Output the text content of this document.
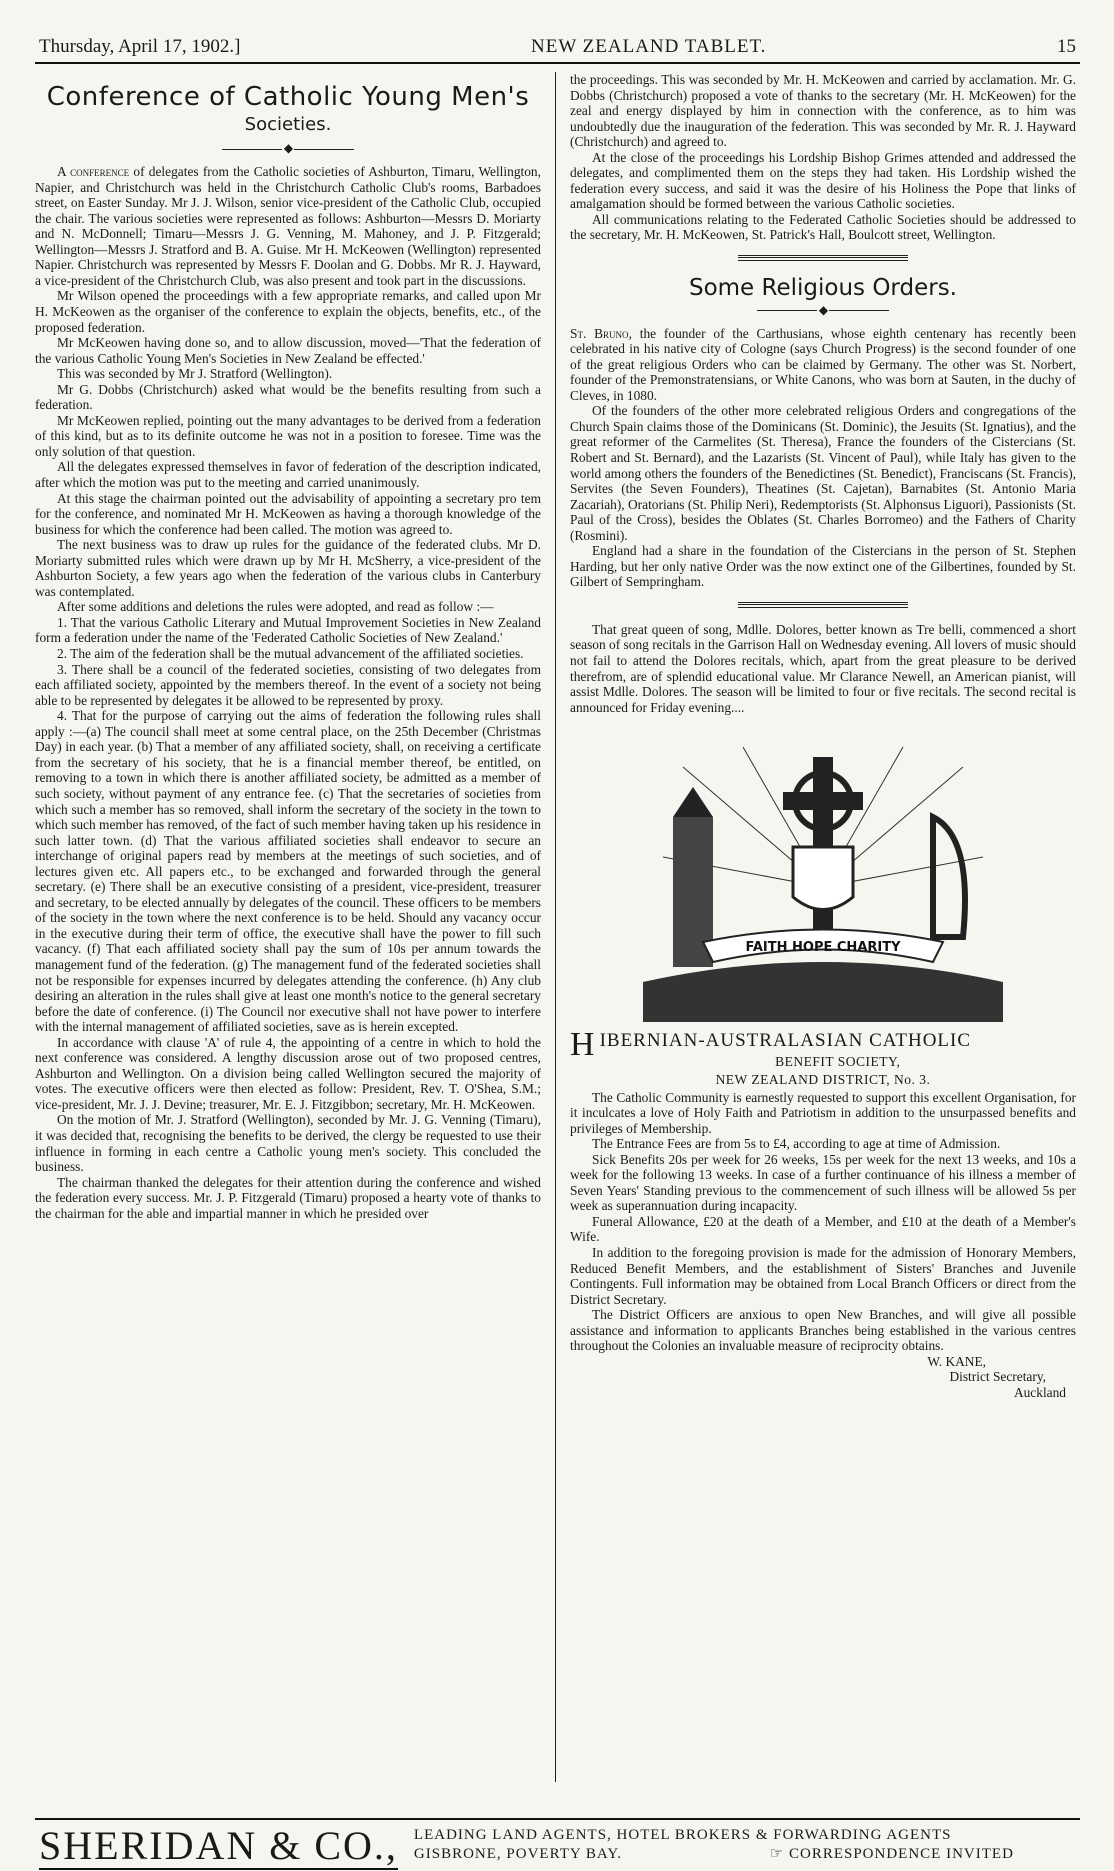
Thursday, April 17, 1902.]	NEW ZEALAND TABLET.	15
Conference of Catholic Young Men's
Societies.
◆

A conference of delegates from the Catholic societies of Ashburton, Timaru, Wellington, Napier, and Christchurch was held in the Christchurch Catholic Club's rooms, Barbadoes street, on Easter Sunday. Mr J. J. Wilson, senior vice-president of the Catholic Club, occupied the chair. The various societies were represented as follows: Ashburton—Messrs D. Moriarty and N. McDonnell; Timaru—Messrs J. G. Venning, M. Mahoney, and J. P. Fitzgerald; Wellington—Messrs J. Stratford and B. A. Guise. Mr H. McKeowen (Wellington) represented Napier. Christchurch was represented by Messrs F. Doolan and G. Dobbs. Mr R. J. Hayward, a vice-president of the Christchurch Club, was also present and took part in the discussions.

Mr Wilson opened the proceedings with a few appropriate remarks, and called upon Mr H. McKeowen as the organiser of the conference to explain the objects, benefits, etc., of the proposed federation.

Mr McKeowen having done so, and to allow discussion, moved—'That the federation of the various Catholic Young Men's Societies in New Zealand be effected.'

This was seconded by Mr J. Stratford (Wellington).

Mr G. Dobbs (Christchurch) asked what would be the benefits resulting from such a federation.

Mr McKeowen replied, pointing out the many advantages to be derived from a federation of this kind, but as to its definite outcome he was not in a position to foresee. Time was the only solution of that question.

All the delegates expressed themselves in favor of federation of the description indicated, after which the motion was put to the meeting and carried unanimously.

At this stage the chairman pointed out the advisability of appointing a secretary pro tem for the conference, and nominated Mr H. McKeowen as having a thorough knowledge of the business for which the conference had been called. The motion was agreed to.

The next business was to draw up rules for the guidance of the federated clubs. Mr D. Moriarty submitted rules which were drawn up by Mr H. McSherry, a vice-president of the Ashburton Society, a few years ago when the federation of the various clubs in Canterbury was contemplated.

After some additions and deletions the rules were adopted, and read as follow :—

1. That the various Catholic Literary and Mutual Improvement Societies in New Zealand form a federation under the name of the 'Federated Catholic Societies of New Zealand.'

2. The aim of the federation shall be the mutual advancement of the affiliated societies.

3. There shall be a council of the federated societies, consisting of two delegates from each affiliated society, appointed by the members thereof. In the event of a society not being able to be represented by delegates it be allowed to be represented by proxy.

4. That for the purpose of carrying out the aims of federation the following rules shall apply :—(a) The council shall meet at some central place, on the 25th December (Christmas Day) in each year. (b) That a member of any affiliated society, shall, on receiving a certificate from the secretary of his society, that he is a financial member thereof, be entitled, on removing to a town in which there is another affiliated society, be admitted as a member of such society, without payment of any entrance fee. (c) That the secretaries of societies from which such a member has so removed, shall inform the secretary of the society in the town to which such member has removed, of the fact of such member having taken up his residence in such latter town. (d) That the various affiliated societies shall endeavor to secure an interchange of original papers read by members at the meetings of such societies, and of lectures given etc. All papers etc., to be exchanged and forwarded through the general secretary. (e) There shall be an executive consisting of a president, vice-president, treasurer and secretary, to be elected annually by delegates of the council. These officers to be members of the society in the town where the next conference is to be held. Should any vacancy occur in the executive during their term of office, the executive shall have the power to fill such vacancy. (f) That each affiliated society shall pay the sum of 10s per annum towards the management fund of the federation. (g) The management fund of the federated societies shall not be responsible for expenses incurred by delegates attending the conference. (h) Any club desiring an alteration in the rules shall give at least one month's notice to the general secretary before the date of conference. (i) The Council nor executive shall not have power to interfere with the internal management of affiliated societies, save as is herein excepted.

In accordance with clause 'A' of rule 4, the appointing of a centre in which to hold the next conference was considered. A lengthy discussion arose out of two proposed centres, Ashburton and Wellington. On a division being called Wellington secured the majority of votes. The executive officers were then elected as follow: President, Rev. T. O'Shea, S.M.; vice-president, Mr. J. J. Devine; treasurer, Mr. E. J. Fitzgibbon; secretary, Mr. H. McKeowen.

On the motion of Mr. J. Stratford (Wellington), seconded by Mr. J. G. Venning (Timaru), it was decided that, recognising the benefits to be derived, the clergy be requested to use their influence in forming in each centre a Catholic young men's society. This concluded the business.

The chairman thanked the delegates for their attention during the conference and wished the federation every success. Mr. J. P. Fitzgerald (Timaru) proposed a hearty vote of thanks to the chairman for the able and impartial manner in which he presided over

the proceedings. This was seconded by Mr. H. McKeowen and carried by acclamation. Mr. G. Dobbs (Christchurch) proposed a vote of thanks to the secretary (Mr. H. McKeowen) for the zeal and energy displayed by him in connection with the conference, as to him was undoubtedly due the inauguration of the federation. This was seconded by Mr. R. J. Hayward (Christchurch) and agreed to.

At the close of the proceedings his Lordship Bishop Grimes attended and addressed the delegates, and complimented them on the steps they had taken. His Lordship wished the federation every success, and said it was the desire of his Holiness the Pope that links of amalgamation should be formed between the various Catholic societies.

All communications relating to the Federated Catholic Societies should be addressed to the secretary, Mr. H. McKeowen, St. Patrick's Hall, Boulcott street, Wellington.

Some Religious Orders.
◆

St. Bruno, the founder of the Carthusians, whose eighth centenary has recently been celebrated in his native city of Cologne (says Church Progress) is the second founder of one of the great religious Orders who can be claimed by Germany. The other was St. Norbert, founder of the Premonstratensians, or White Canons, who was born at Sauten, in the duchy of Cleves, in 1080.

Of the founders of the other more celebrated religious Orders and congregations of the Church Spain claims those of the Dominicans (St. Dominic), the Jesuits (St. Ignatius), and the great reformer of the Carmelites (St. Theresa), France the founders of the Cistercians (St. Robert and St. Bernard), and the Lazarists (St. Vincent of Paul), while Italy has given to the world among others the founders of the Benedictines (St. Benedict), Franciscans (St. Francis), Servites (the Seven Founders), Theatines (St. Cajetan), Barnabites (St. Antonio Maria Zacariah), Oratorians (St. Philip Neri), Redemptorists (St. Alphonsus Liguori), Passionists (St. Paul of the Cross), besides the Oblates (St. Charles Borromeo) and the Fathers of Charity (Rosmini).

England had a share in the foundation of the Cistercians in the person of St. Stephen Harding, but her only native Order was the now extinct one of the Gilbertines, founded by St. Gilbert of Sempringham.

That great queen of song, Mdlle. Dolores, better known as Tre belli, commenced a short season of song recitals in the Garrison Hall on Wednesday evening. All lovers of music should not fail to attend the Dolores recitals, which, apart from the great pleasure to be derived therefrom, are of splendid educational value. Mr Clarance Newell, an American pianist, will assist Mdlle. Dolores. The season will be limited to four or five recitals. The second recital is announced for Friday evening....

FAITH HOPE CHARITY
HIBERNIAN-AUSTRALASIAN CATHOLIC
BENEFIT SOCIETY,
NEW ZEALAND DISTRICT, No. 3.

The Catholic Community is earnestly requested to support this excellent Organisation, for it inculcates a love of Holy Faith and Patriotism in addition to the unsurpassed benefits and privileges of Membership.

The Entrance Fees are from 5s to £4, according to age at time of Admission.

Sick Benefits 20s per week for 26 weeks, 15s per week for the next 13 weeks, and 10s a week for the following 13 weeks. In case of a further continuance of his illness a member of Seven Years' Standing previous to the commencement of such illness will be allowed 5s per week as superannuation during incapacity.

Funeral Allowance, £20 at the death of a Member, and £10 at the death of a Member's Wife.

In addition to the foregoing provision is made for the admission of Honorary Members, Reduced Benefit Members, and the establishment of Sisters' Branches and Juvenile Contingents. Full information may be obtained from Local Branch Officers or direct from the District Secretary.

The District Officers are anxious to open New Branches, and will give all possible assistance and information to applicants Branches being established in the various centres throughout the Colonies an invaluable measure of reciprocity obtains.

W. KANE,

District Secretary,

Auckland

SHERIDAN & CO., LEADING LAND AGENTS, HOTEL BROKERS & FORWARDING AGENTS
GISBRONE, POVERTY BAY.	☞ CORRESPONDENCE INVITED
